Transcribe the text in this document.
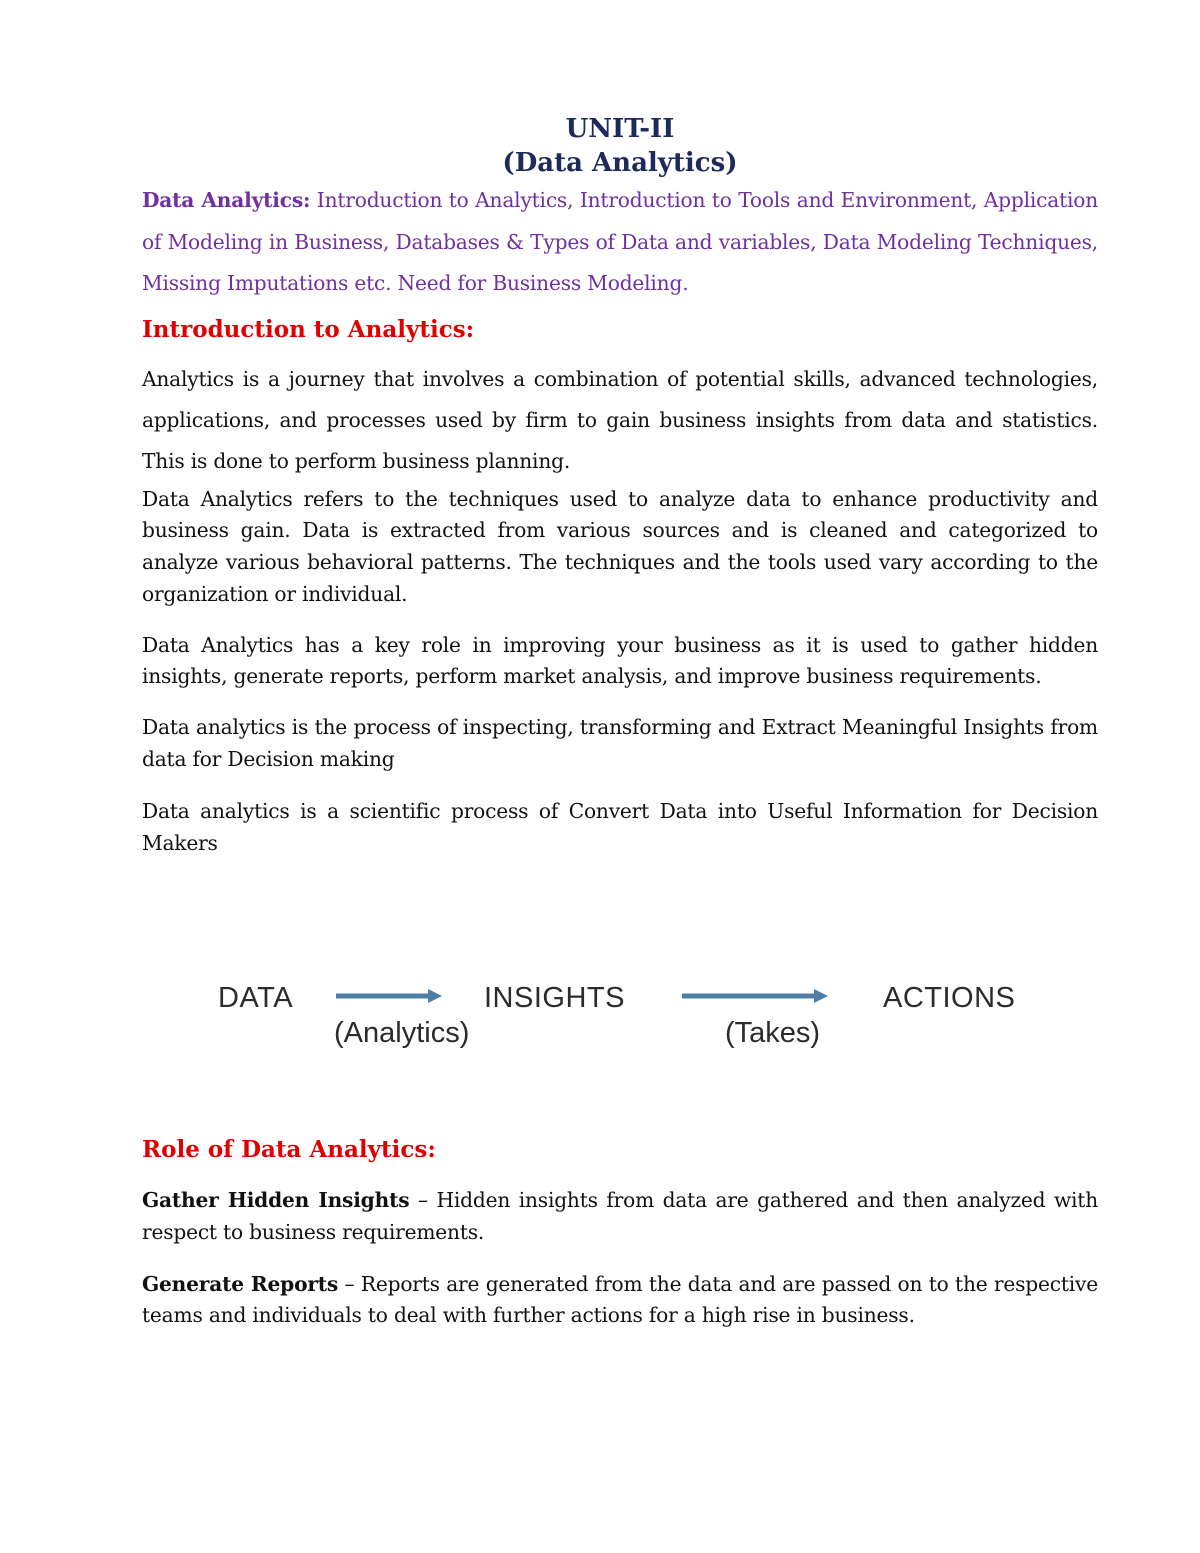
UNIT-II

(Data Analytics)

Data Analytics: Introduction to Analytics, Introduction to Tools and Environment, Application of Modeling in Business, Databases & Types of Data and variables, Data Modeling Techniques, Missing Imputations etc. Need for Business Modeling.

Introduction to Analytics:

Analytics is a journey that involves a combination of potential skills, advanced technologies, applications, and processes used by firm to gain business insights from data and statistics. This is done to perform business planning.

Data Analytics refers to the techniques used to analyze data to enhance productivity and business gain. Data is extracted from various sources and is cleaned and categorized to analyze various behavioral patterns. The techniques and the tools used vary according to the organization or individual.

Data Analytics has a key role in improving your business as it is used to gather hidden insights, generate reports, perform market analysis, and improve business requirements.

Data analytics is the process of inspecting, transforming and Extract Meaningful Insights from data for Decision making

Data analytics is a scientific process of Convert Data into Useful Information for Decision Makers

DATA	INSIGHTS	ACTIONS
(Analytics)	(Takes)

Role of Data Analytics:

Gather Hidden Insights – Hidden insights from data are gathered and then analyzed with respect to business requirements.

Generate Reports – Reports are generated from the data and are passed on to the respective teams and individuals to deal with further actions for a high rise in business.
